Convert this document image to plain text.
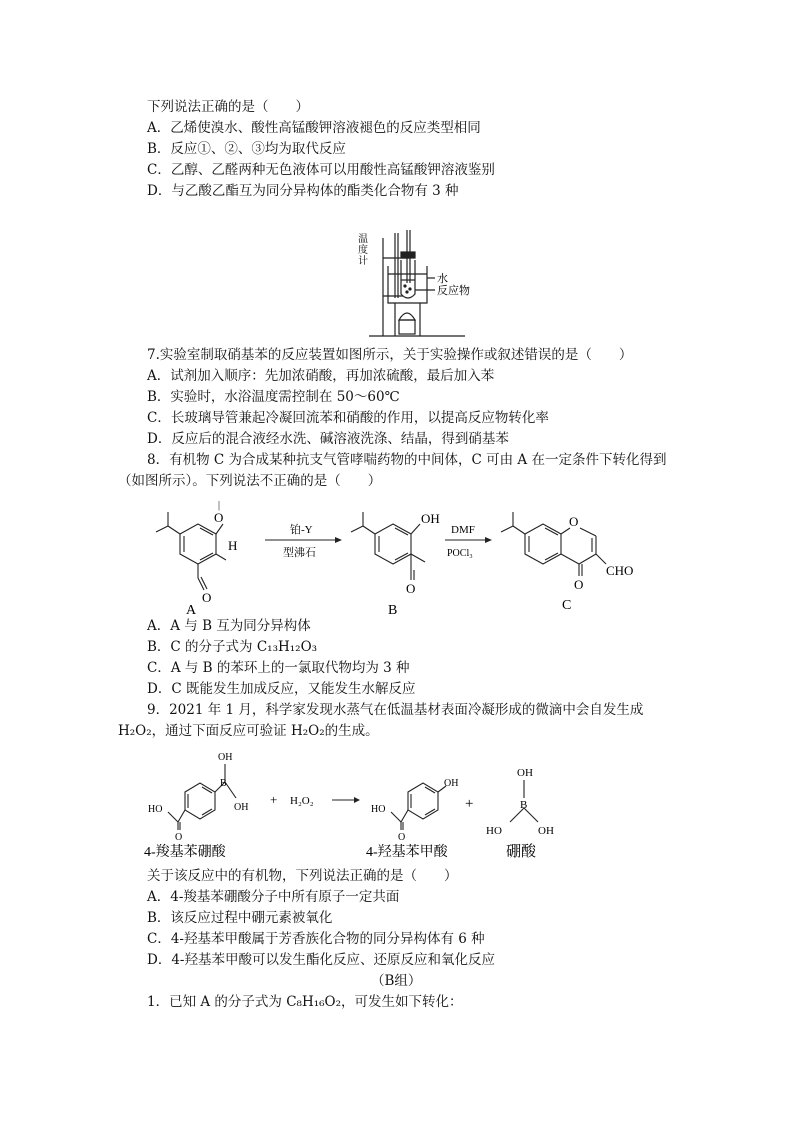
下列说法正确的是（　　）
A．乙烯使溴水、酸性高锰酸钾溶液褪色的反应类型相同
B．反应①、②、③均为取代反应
C．乙醇、乙醛两种无色液体可以用酸性高锰酸钾溶液鉴别
D．与乙酸乙酯互为同分异构体的酯类化合物有 3 种
温
度
计
水
反应物
7.实验室制取硝基苯的反应装置如图所示，关于实验操作或叙述错误的是（　　）
A．试剂加入顺序：先加浓硝酸，再加浓硫酸，最后加入苯
B．实验时，水浴温度需控制在 50～60℃
C．长玻璃导管兼起冷凝回流苯和硝酸的作用，以提高反应物转化率
D．反应后的混合液经水洗、碱溶液洗涤、结晶，得到硝基苯
8．有机物 C 为合成某种抗支气管哮喘药物的中间体，C 可由 A 在一定条件下转化得到
（如图所示）。下列说法不正确的是（　　）
O
|
H
O
A
铂-Y
型沸石
OH
O
B
DMF
POCl₃
O
O
CHO
C
A．A 与 B 互为同分异构体
B．C 的分子式为 C₁₃H₁₂O₃
C．A 与 B 的苯环上的一氯取代物均为 3 种
D．C 既能发生加成反应，又能发生水解反应
9．2021 年 1 月，科学家发现水蒸气在低温基材表面冷凝形成的微滴中会自发生成
H₂O₂，通过下面反应可验证 H₂O₂的生成。
OH
B
OH
HO
O
4-羧基苯硼酸
+ H₂O₂
OH
HO
O
4-羟基苯甲酸
+
OH
B
HO	OH
硼酸
关于该反应中的有机物，下列说法正确的是（　　）
A．4-羧基苯硼酸分子中所有原子一定共面
B．该反应过程中硼元素被氧化
C．4-羟基苯甲酸属于芳香族化合物的同分异构体有 6 种
D．4-羟基苯甲酸可以发生酯化反应、还原反应和氧化反应
（B组）
1．已知 A 的分子式为 C₈H₁₆O₂，可发生如下转化：
